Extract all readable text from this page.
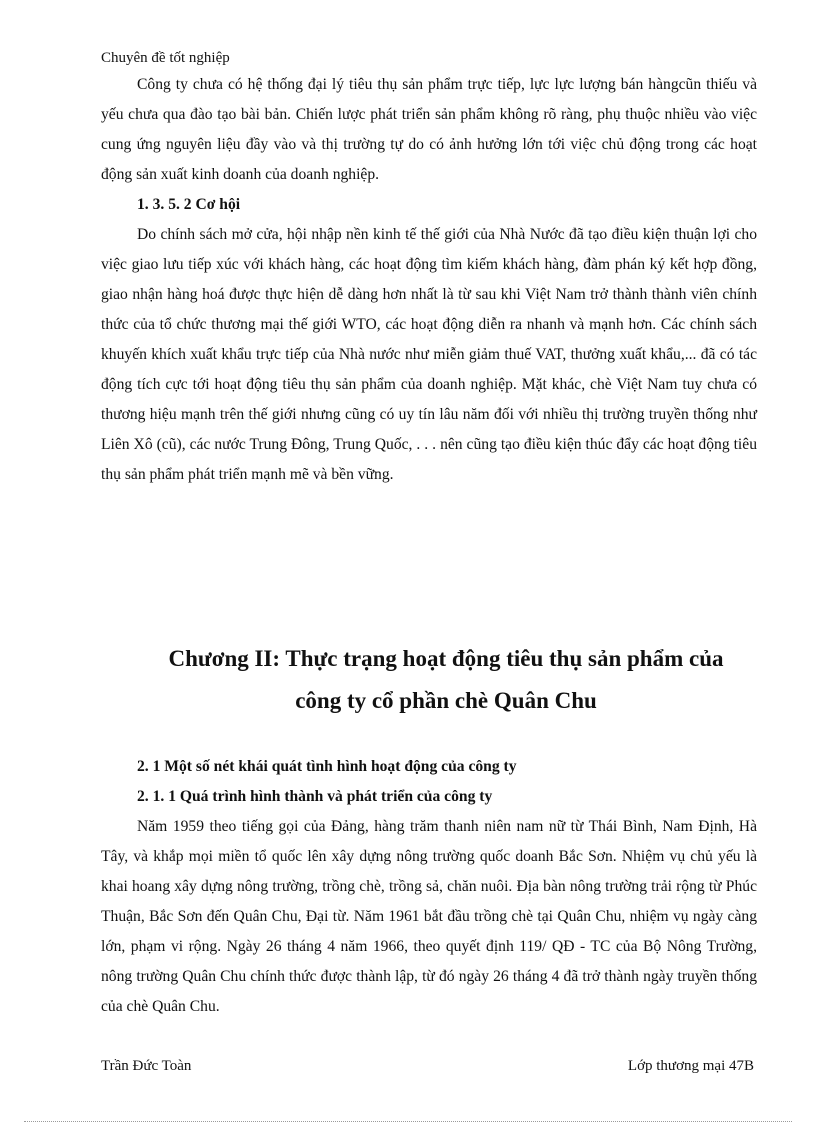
Chuyên đề tốt nghiệp

Công ty chưa có hệ thống đại lý tiêu thụ sản phẩm trực tiếp, lực lực lượng bán hàngcũn thiếu và yếu chưa qua đào tạo bài bản. Chiến lược phát triển sản phẩm không rõ ràng, phụ thuộc nhiều vào việc cung ứng nguyên liệu đầy vào và thị trường tự do có ảnh hưởng lớn tới việc chủ động trong các hoạt động sản xuất kinh doanh của doanh nghiệp.

1. 3. 5. 2 Cơ hội

Do chính sách mở cửa, hội nhập nền kinh tế thế giới của Nhà Nước đã tạo điều kiện thuận lợi cho việc giao lưu tiếp xúc với khách hàng, các hoạt động tìm kiếm khách hàng, đàm phán ký kết hợp đồng, giao nhận hàng hoá được thực hiện dễ dàng hơn nhất là từ sau khi Việt Nam trở thành thành viên chính thức của tổ chức thương mại thế giới WTO, các hoạt động diễn ra nhanh và mạnh hơn. Các chính sách khuyến khích xuất khẩu trực tiếp của Nhà nước như miễn giảm thuế VAT, thưởng xuất khẩu,... đã có tác động tích cực tới hoạt động tiêu thụ sản phẩm của doanh nghiệp. Mặt khác, chè Việt Nam tuy chưa có thương hiệu mạnh trên thế giới nhưng cũng có uy tín lâu năm đối với nhiều thị trường truyền thống như Liên Xô (cũ), các nước Trung Đông, Trung Quốc, . . . nên cũng tạo điều kiện thúc đẩy các hoạt động tiêu thụ sản phẩm phát triển mạnh mẽ và bền vững.

Chương II: Thực trạng hoạt động tiêu thụ sản phẩm của
công ty cổ phần chè Quân Chu
2. 1 Một số nét khái quát tình hình hoạt động của công ty
2. 1. 1 Quá trình hình thành và phát triển của công ty

Năm 1959 theo tiếng gọi của Đảng, hàng trăm thanh niên nam nữ từ Thái Bình, Nam Định, Hà Tây, và khắp mọi miền tổ quốc lên xây dựng nông trường quốc doanh Bắc Sơn. Nhiệm vụ chủ yếu là khai hoang xây dựng nông trường, trồng chè, trồng sả, chăn nuôi. Địa bàn nông trường trải rộng từ Phúc Thuận, Bắc Sơn đến Quân Chu, Đại từ. Năm 1961 bắt đầu trồng chè tại Quân Chu, nhiệm vụ ngày càng lớn, phạm vi rộng. Ngày 26 tháng 4 năm 1966, theo quyết định 119/ QĐ - TC của Bộ Nông Trường, nông trường Quân Chu chính thức được thành lập, từ đó ngày 26 tháng 4 đã trở thành ngày truyền thống của chè Quân Chu.

Trần Đức Toàn	Lớp thương mại 47B
